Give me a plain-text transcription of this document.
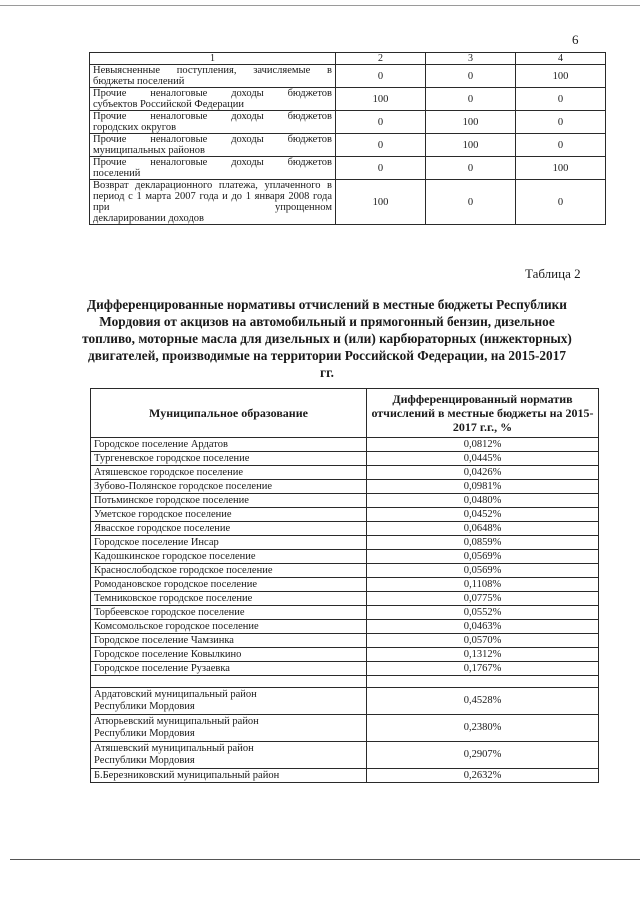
6
1	2	3	4
Невыясненные поступления, зачисляемые в
бюджеты поселений	0	0	100
Прочие неналоговые доходы бюджетов
субъектов Российской Федерации	100	0	0
Прочие неналоговые доходы бюджетов
городских округов	0	100	0
Прочие неналоговые доходы бюджетов
муниципальных районов	0	100	0
Прочие неналоговые доходы бюджетов
поселений	0	0	100
Возврат декларационного платежа, уплаченного в период с 1 марта 2007 года и до 1 января 2008 года при упрощенном
декларировании доходов	100	0	0
Таблица 2
Дифференцированные нормативы отчислений в местные бюджеты Республики Мордовия от акцизов на автомобильный и прямогонный бензин, дизельное топливо, моторные масла для дизельных и (или) карбюраторных (инжекторных) двигателей, производимые на территории Российской Федерации, на 2015-2017 гг.
Муниципальное образование	Дифференцированный норматив отчислений в местные бюджеты на 2015-2017 г.г., %
Городское поселение Ардатов	0,0812%
Тургеневское городское поселение	0,0445%
Атяшевское городское поселение	0,0426%
Зубово-Полянское городское поселение	0,0981%
Потьминское городское поселение	0,0480%
Уметское городское поселение	0,0452%
Явасское городское поселение	0,0648%
Городское поселение Инсар	0,0859%
Кадошкинское городское поселение	0,0569%
Краснослободское городское поселение	0,0569%
Ромодановское городское поселение	0,1108%
Темниковское городское поселение	0,0775%
Торбеевское городское поселение	0,0552%
Комсомольское городское поселение	0,0463%
Городское поселение Чамзинка	0,0570%
Городское поселение Ковылкино	0,1312%
Городское поселение Рузаевка	0,1767%

Ардатовский муниципальный район
Республики Мордовия	0,4528%

Атюрьевский муниципальный район
Республики Мордовия	0,2380%

Атяшевский муниципальный район
Республики Мордовия	0,2907%

Б.Березниковский муниципальный район	0,2632%
